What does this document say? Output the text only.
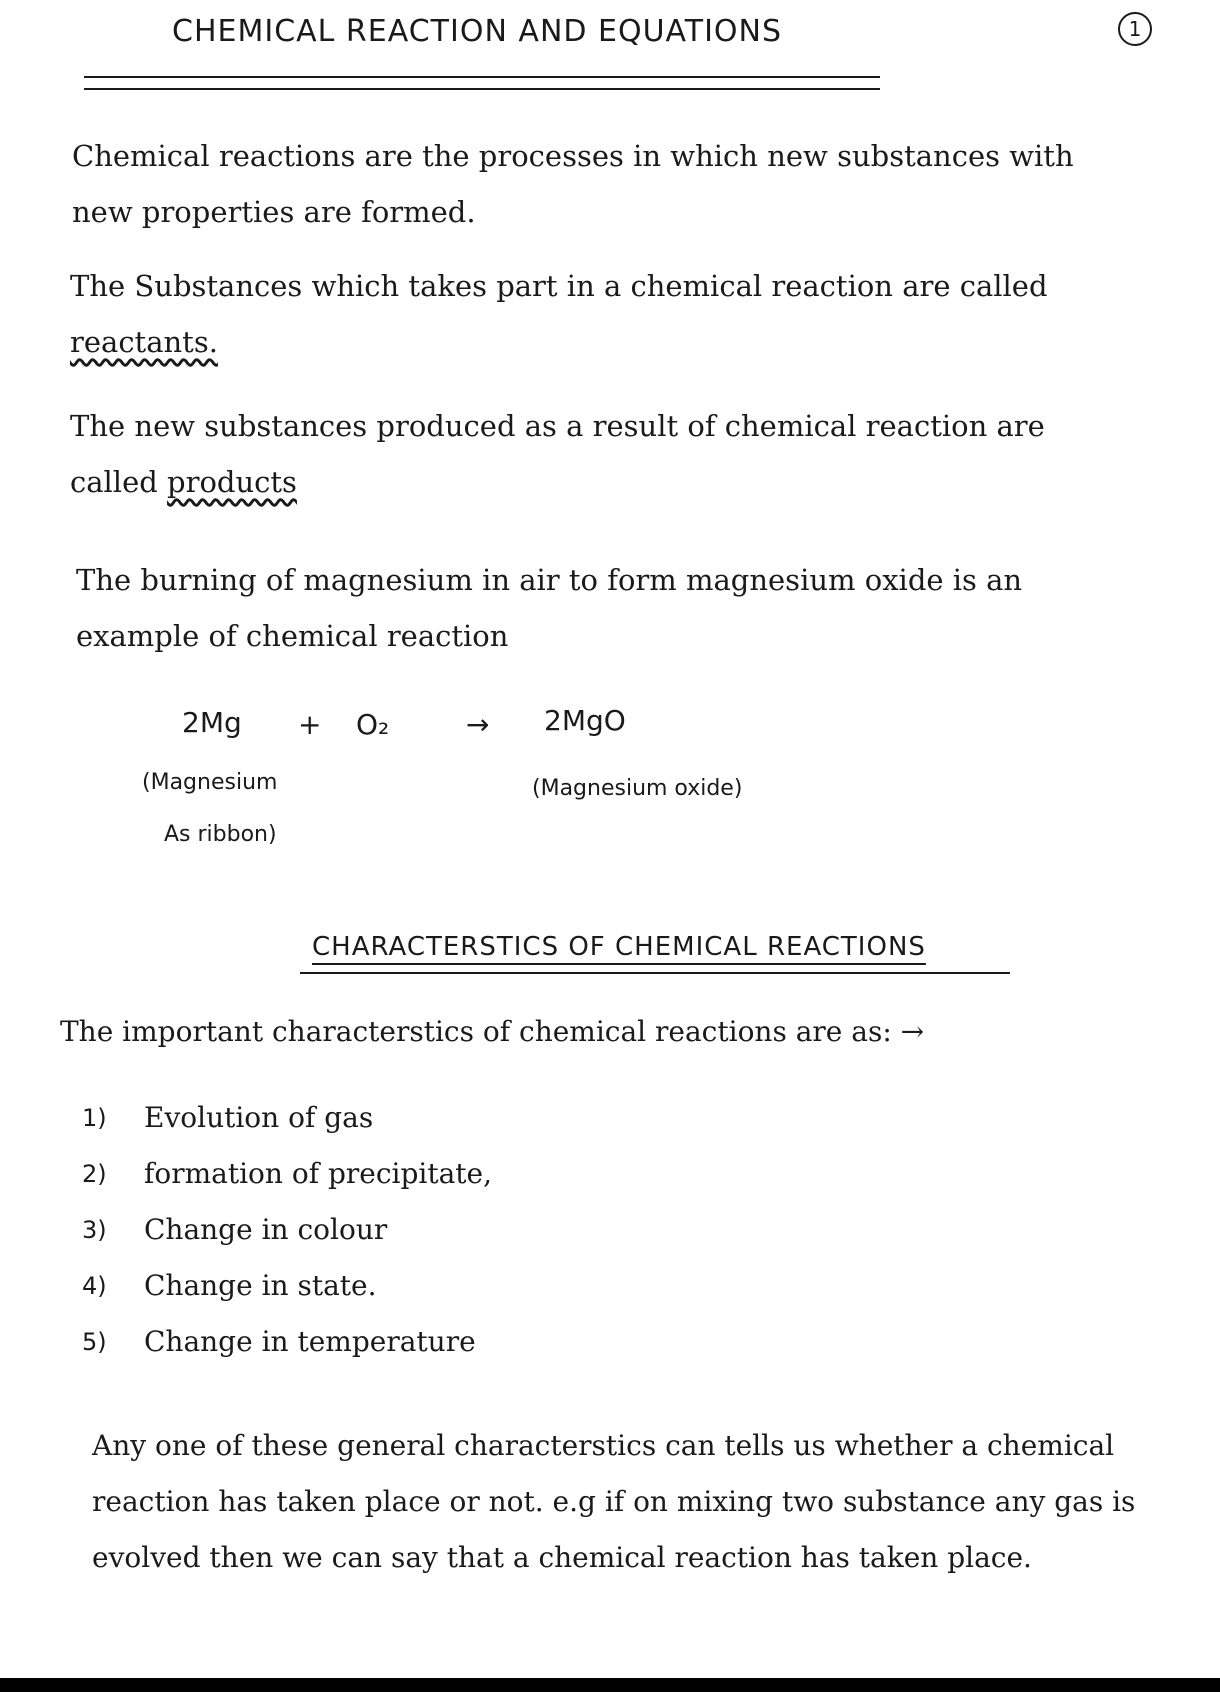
CHEMICAL REACTION AND EQUATIONS	1

Chemical reactions are the processes in which new substances with new properties are formed.

The Substances which takes part in a chemical reaction are called reactants.

The new substances produced as a result of chemical reaction are called products

The burning of magnesium in air to form magnesium oxide is an example of chemical reaction

2Mg + O₂	→ 2MgO
(Magnesium
As ribbon)
(Magnesium oxide)
CHARACTERSTICS OF CHEMICAL REACTIONS

The important characterstics of chemical reactions are as: →

1)	Evolution of gas
2)	formation of precipitate,
3)	Change in colour
4)	Change in state.
5)	Change in temperature

Any one of these general characterstics can tells us whether a chemical reaction has taken place or not. e.g if on mixing two substance any gas is evolved then we can say that a chemical reaction has taken place.
